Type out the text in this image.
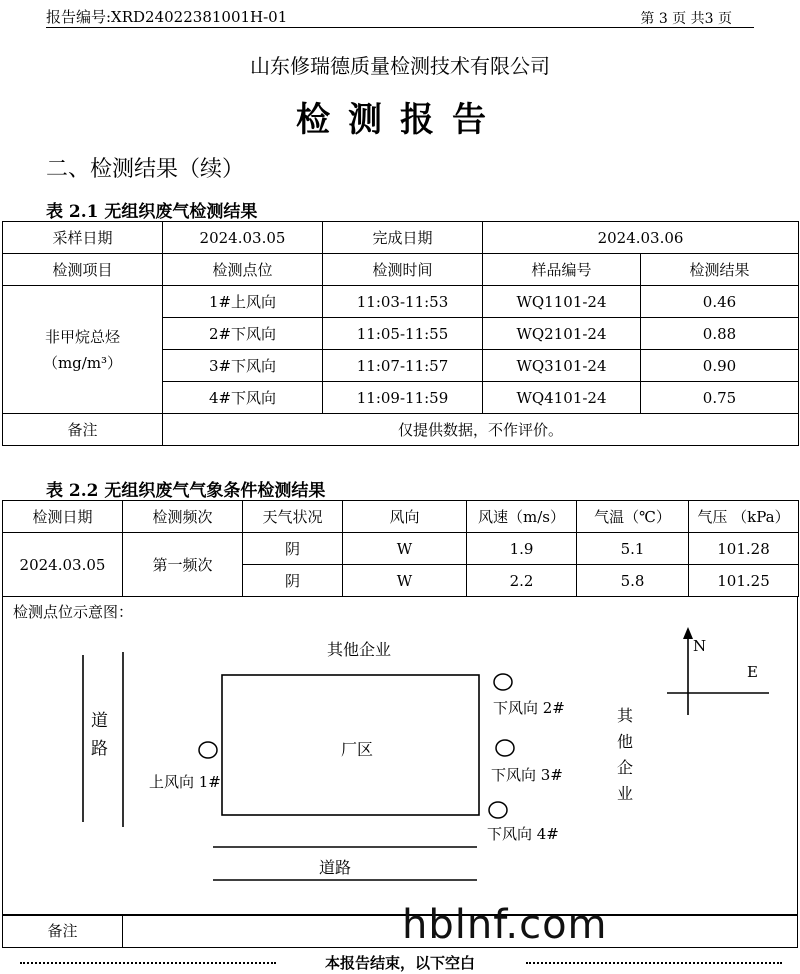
报告编号:XRD24022381001H-01	第 3 页 共3 页
山东修瑞德质量检测技术有限公司
检测报告
二、检测结果（续）
表 2.1 无组织废气检测结果
采样日期	2024.03.05	完成日期	2024.03.06	
检测项目	检测点位	检测时间	样品编号	检测结果

非甲烷总烃
（mg/m³）	1#上风向	11:03-11:53	WQ1101-24	0.46
	2#下风向	11:05-11:55	WQ2101-24	0.88
	3#下风向	11:07-11:57	WQ3101-24	0.90
	4#下风向	11:09-11:59	WQ4101-24	0.75
备注	仅提供数据，不作评价。			
表 2.2 无组织废气气象条件检测结果
检测日期	检测频次	天气状况	风向	风速（m/s）	气温（℃）	气压 （kPa）
2024.03.05	第一频次	阴	W	1.9	5.1	101.28
		阴	W	2.2	5.8	101.25
检测点位示意图：
其他企业
道路	厂区
上风向 1#
下风向 2#
下风向 3#
下风向 4#
其他企业
道路
N
E
备注	hblnf.com
本报告结束，以下空白
